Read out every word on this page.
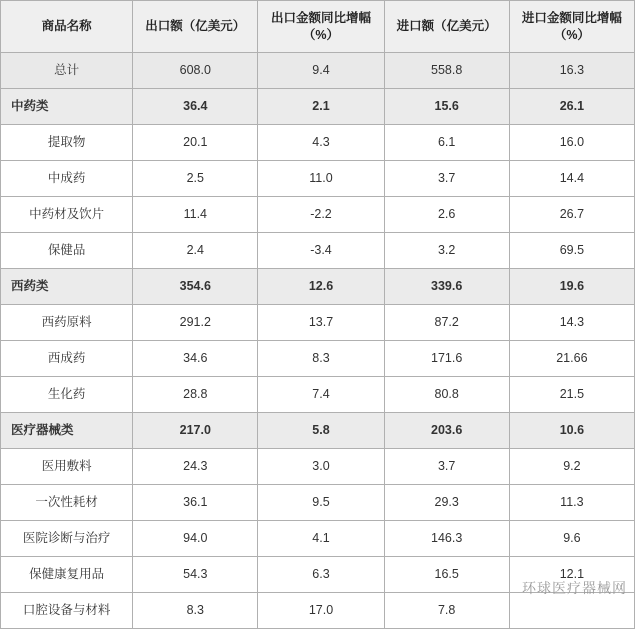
商品名称	出口额（亿美元）	出口金额同比增幅（%）	进口额（亿美元）	进口金额同比增幅（%）
总计	608.0	9.4	558.8	16.3
中药类	36.4	2.1	15.6	26.1
提取物	20.1	4.3	6.1	16.0
中成药	2.5	11.0	3.7	14.4
中药材及饮片	11.4	-2.2	2.6	26.7
保健品	2.4	-3.4	3.2	69.5
西药类	354.6	12.6	339.6	19.6
西药原料	291.2	13.7	87.2	14.3
西成药	34.6	8.3	171.6	21.66
生化药	28.8	7.4	80.8	21.5
医疗器械类	217.0	5.8	203.6	10.6
医用敷料	24.3	3.0	3.7	9.2
一次性耗材	36.1	9.5	29.3	11.3
医院诊断与治疗	94.0	4.1	146.3	9.6
保健康复用品	54.3	6.3	16.5	12.1
口腔设备与材料	8.3	17.0	7.8	
环球医疗器械网
